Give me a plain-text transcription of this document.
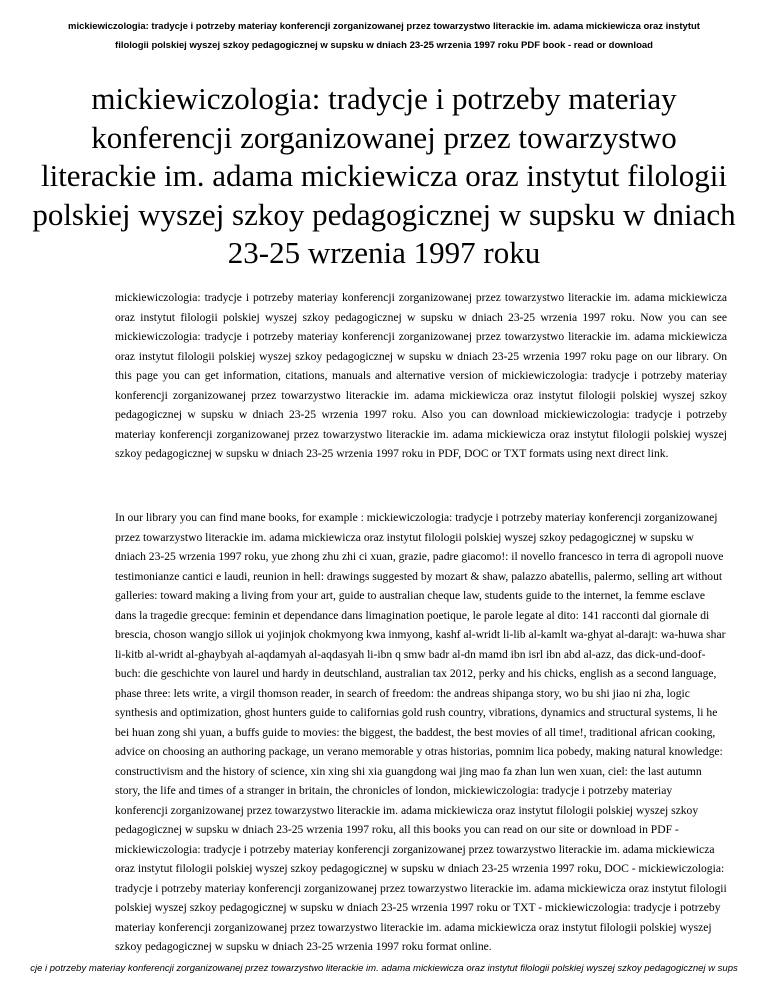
mickiewiczologia: tradycje i potrzeby materiay konferencji zorganizowanej przez towarzystwo literackie im. adama mickiewicza oraz instytut
filologii polskiej wyszej szkoy pedagogicznej w supsku w dniach 23-25 wrzenia 1997 roku PDF book - read or download
mickiewiczologia: tradycje i potrzeby materiay konferencji zorganizowanej przez towarzystwo literackie im. adama mickiewicza oraz instytut filologii polskiej wyszej szkoy pedagogicznej w supsku w dniach 23-25 wrzenia 1997 roku

mickiewiczologia: tradycje i potrzeby materiay konferencji zorganizowanej przez towarzystwo literackie im. adama mickiewicza oraz instytut filologii polskiej wyszej szkoy pedagogicznej w supsku w dniach 23-25 wrzenia 1997 roku. Now you can see mickiewiczologia: tradycje i potrzeby materiay konferencji zorganizowanej przez towarzystwo literackie im. adama mickiewicza oraz instytut filologii polskiej wyszej szkoy pedagogicznej w supsku w dniach 23-25 wrzenia 1997 roku page on our library. On this page you can get information, citations, manuals and alternative version of mickiewiczologia: tradycje i potrzeby materiay konferencji zorganizowanej przez towarzystwo literackie im. adama mickiewicza oraz instytut filologii polskiej wyszej szkoy pedagogicznej w supsku w dniach 23-25 wrzenia 1997 roku. Also you can download mickiewiczologia: tradycje i potrzeby materiay konferencji zorganizowanej przez towarzystwo literackie im. adama mickiewicza oraz instytut filologii polskiej wyszej szkoy pedagogicznej w supsku w dniach 23-25 wrzenia 1997 roku in PDF, DOC or TXT formats using next direct link.

In our library you can find mane books, for example : mickiewiczologia: tradycje i potrzeby materiay konferencji zorganizowanej przez towarzystwo literackie im. adama mickiewicza oraz instytut filologii polskiej wyszej szkoy pedagogicznej w supsku w dniach 23-25 wrzenia 1997 roku, yue zhong zhu zhi ci xuan, grazie, padre giacomo!: il novello francesco in terra di agropoli nuove testimonianze cantici e laudi, reunion in hell: drawings suggested by mozart & shaw, palazzo abatellis, palermo, selling art without galleries: toward making a living from your art, guide to australian cheque law, students guide to the internet, la femme esclave dans la tragedie grecque: feminin et dependance dans limagination poetique, le parole legate al dito: 141 racconti dal giornale di brescia, choson wangjo sillok ui yojinjok chokmyong kwa inmyong, kashf al-wridt li-lib al-kamlt wa-ghyat al-darajt: wa-huwa shar li-kitb al-wridt al-ghaybyah al-aqdamyah al-aqdasyah li-ibn q smw badr al-dn mamd ibn isrl ibn abd al-azz, das dick-und-doof-buch: die geschichte von laurel und hardy in deutschland, australian tax 2012, perky and his chicks, english as a second language, phase three: lets write, a virgil thomson reader, in search of freedom: the andreas shipanga story, wo bu shi jiao ni zha, logic synthesis and optimization, ghost hunters guide to californias gold rush country, vibrations, dynamics and structural systems, li he bei huan zong shi yuan, a buffs guide to movies: the biggest, the baddest, the best movies of all time!, traditional african cooking, advice on choosing an authoring package, un verano memorable y otras historias, pomnim lica pobedy, making natural knowledge: constructivism and the history of science, xin xing shi xia guangdong wai jing mao fa zhan lun wen xuan, ciel: the last autumn story, the life and times of a stranger in britain, the chronicles of london, mickiewiczologia: tradycje i potrzeby materiay konferencji zorganizowanej przez towarzystwo literackie im. adama mickiewicza oraz instytut filologii polskiej wyszej szkoy pedagogicznej w supsku w dniach 23-25 wrzenia 1997 roku, all this books you can read on our site or download in PDF - mickiewiczologia: tradycje i potrzeby materiay konferencji zorganizowanej przez towarzystwo literackie im. adama mickiewicza oraz instytut filologii polskiej wyszej szkoy pedagogicznej w supsku w dniach 23-25 wrzenia 1997 roku, DOC - mickiewiczologia: tradycje i potrzeby materiay konferencji zorganizowanej przez towarzystwo literackie im. adama mickiewicza oraz instytut filologii polskiej wyszej szkoy pedagogicznej w supsku w dniach 23-25 wrzenia 1997 roku or TXT - mickiewiczologia: tradycje i potrzeby materiay konferencji zorganizowanej przez towarzystwo literackie im. adama mickiewicza oraz instytut filologii polskiej wyszej szkoy pedagogicznej w supsku w dniach 23-25 wrzenia 1997 roku format online.

cje i potrzeby materiay konferencji zorganizowanej przez towarzystwo literackie im. adama mickiewicza oraz instytut filologii polskiej wyszej szkoy pedagogicznej w sups
